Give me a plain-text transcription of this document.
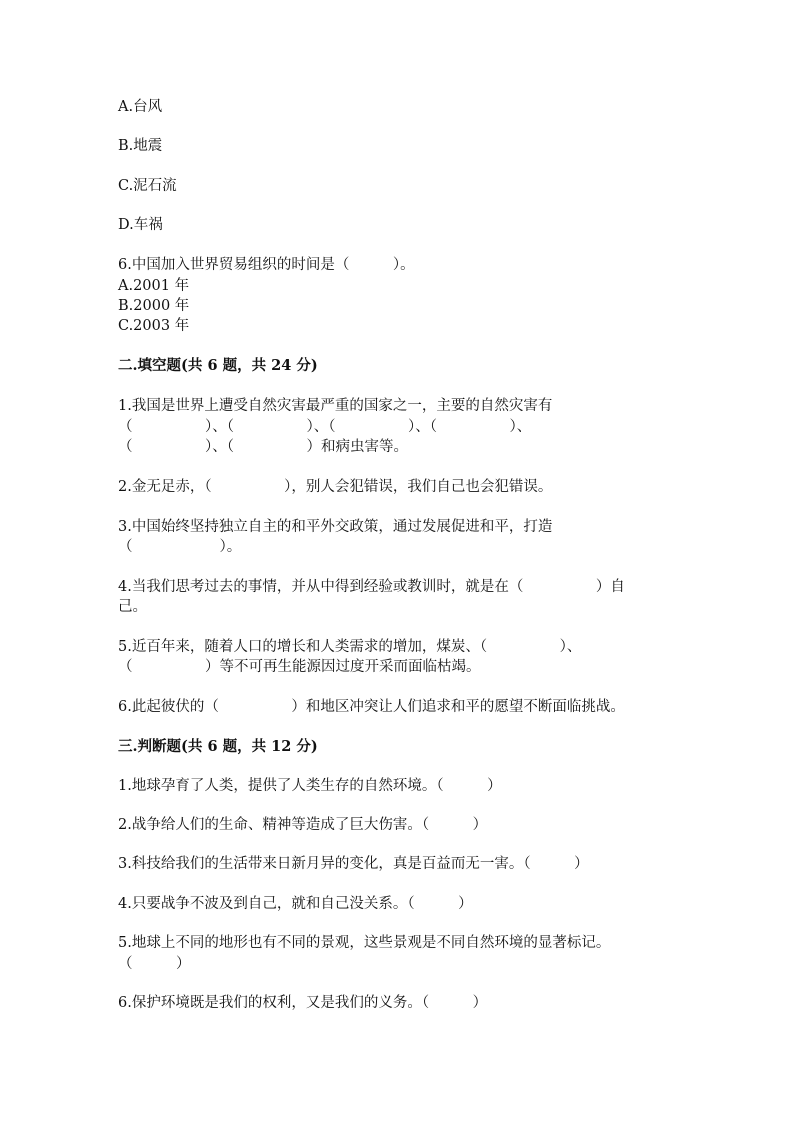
A.台风
B.地震
C.泥石流
D.车祸
6.中国加入世界贸易组织的时间是（　　　）。
A.2001 年
B.2000 年
C.2003 年
二.填空题(共 6 题，共 24 分)
1.我国是世界上遭受自然灾害最严重的国家之一，主要的自然灾害有
（　　　　　）、（　　　　　）、（　　　　　）、（　　　　　）、
（　　　　　）、（　　　　　）和病虫害等。
2.金无足赤，（　　　　　），别人会犯错误，我们自己也会犯错误。
3.中国始终坚持独立自主的和平外交政策，通过发展促进和平，打造
（　　　　　　）。
4.当我们思考过去的事情，并从中得到经验或教训时，就是在（　　　　　）自
己。
5.近百年来，随着人口的增长和人类需求的增加，煤炭、（　　　　　）、
（　　　　　）等不可再生能源因过度开采而面临枯竭。
6.此起彼伏的（　　　　　）和地区冲突让人们追求和平的愿望不断面临挑战。
三.判断题(共 6 题，共 12 分)
1.地球孕育了人类，提供了人类生存的自然环境。（　　　）
2.战争给人们的生命、精神等造成了巨大伤害。（　　　）
3.科技给我们的生活带来日新月异的变化，真是百益而无一害。（　　　）
4.只要战争不波及到自己，就和自己没关系。（　　　）
5.地球上不同的地形也有不同的景观，这些景观是不同自然环境的显著标记。
（　　　）
6.保护环境既是我们的权利，又是我们的义务。（　　　）
